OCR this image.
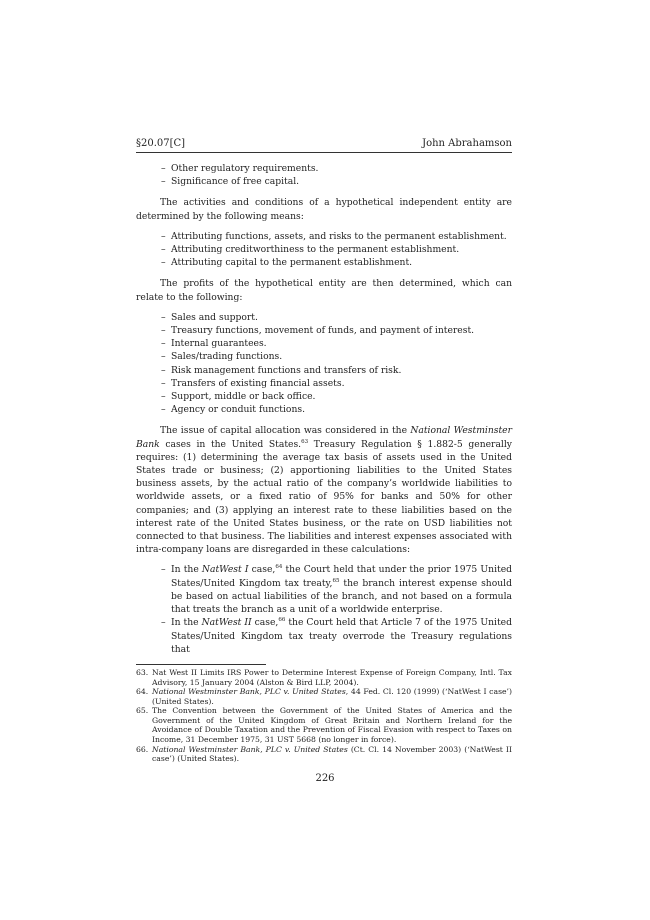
§20.07[C]	John Abrahamson
– Other regulatory requirements.
– Significance of free capital.

The activities and conditions of a hypothetical independent entity are determined by the following means:

– Attributing functions, assets, and risks to the permanent establishment.
– Attributing creditworthiness to the permanent establishment.
– Attributing capital to the permanent establishment.

The profits of the hypothetical entity are then determined, which can relate to the following:

– Sales and support.
– Treasury functions, movement of funds, and payment of interest.
– Internal guarantees.
– Sales/trading functions.
– Risk management functions and transfers of risk.
– Transfers of existing financial assets.
– Support, middle or back office.
– Agency or conduit functions.

The issue of capital allocation was considered in the National Westminster Bank cases in the United States.$^{63}$ Treasury Regulation § 1.882-5 generally requires: (1) determining the average tax basis of assets used in the United States trade or business; (2) apportioning liabilities to the United States business assets, by the actual ratio of the company’s worldwide liabilities to worldwide assets, or a fixed ratio of 95% for banks and 50% for other companies; and (3) applying an interest rate to these liabilities based on the interest rate of the United States business, or the rate on USD liabilities not connected to that business. The liabilities and interest expenses associated with intra-company loans are disregarded in these calculations:

– In the NatWest I case,$^{64}$ the Court held that under the prior 1975 United States/United Kingdom tax treaty,$^{65}$ the branch interest expense should be based on actual liabilities of the branch, and not based on a formula that treats the branch as a unit of a worldwide enterprise.
– In the NatWest II case,$^{66}$ the Court held that Article 7 of the 1975 United States/United Kingdom tax treaty overrode the Treasury regulations that

63. Nat West II Limits IRS Power to Determine Interest Expense of Foreign Company, Intl. Tax Advisory, 15 January 2004 (Alston & Bird LLP, 2004).

64. National Westminster Bank, PLC v. United States, 44 Fed. Cl. 120 (1999) (‘NatWest I case’) (United States).

65. The Convention between the Government of the United States of America and the Government of the United Kingdom of Great Britain and Northern Ireland for the Avoidance of Double Taxation and the Prevention of Fiscal Evasion with respect to Taxes on Income, 31 December 1975, 31 UST 5668 (no longer in force).

66. National Westminster Bank, PLC v. United States (Ct. Cl. 14 November 2003) (‘NatWest II case’) (United States).

226
